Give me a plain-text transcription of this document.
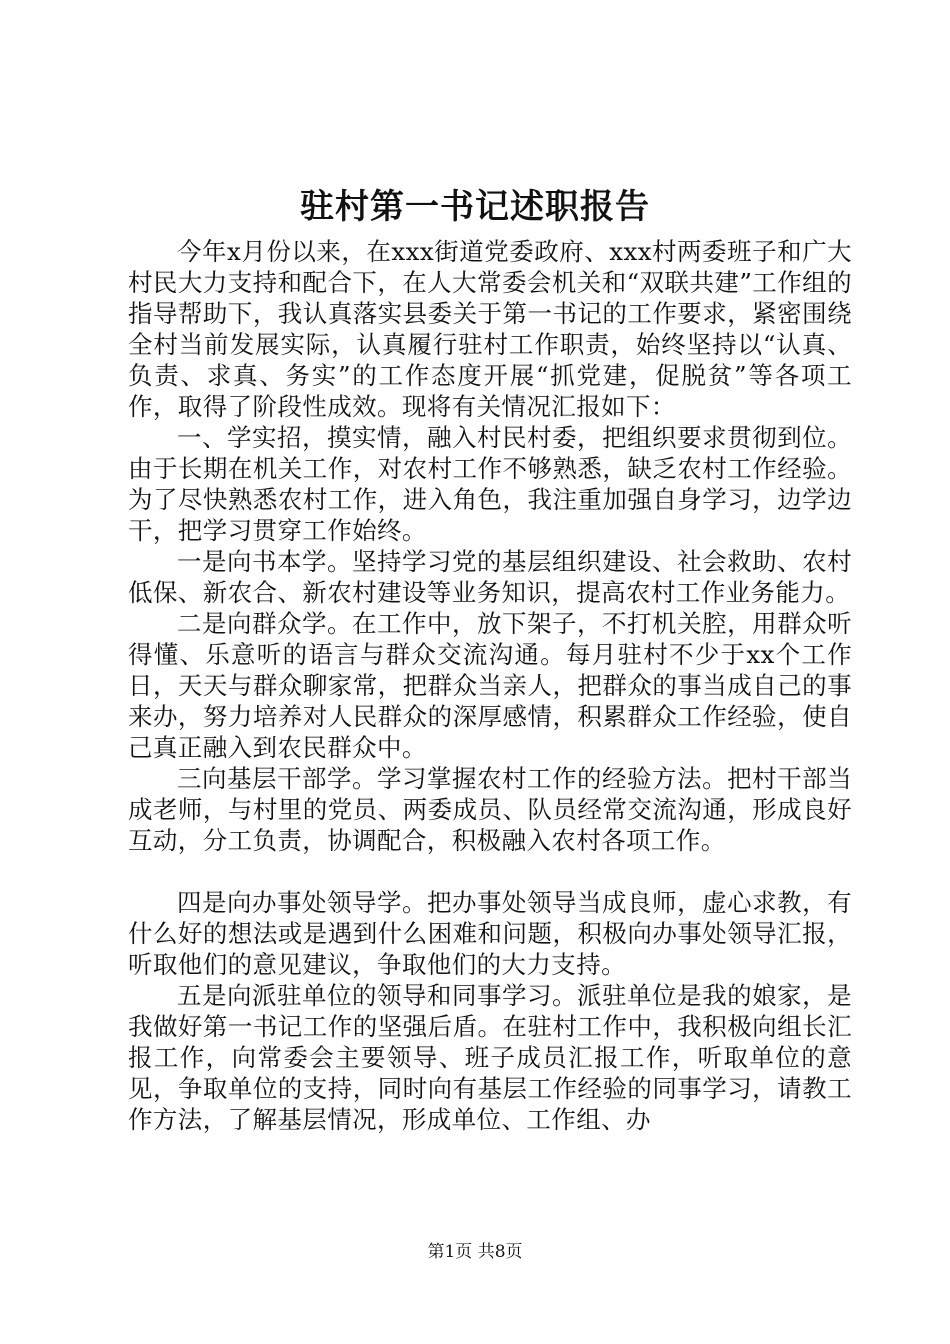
驻村第一书记述职报告

今年x月份以来，在xxx街道党委政府、xxx村两委班子和广大村民大力支持和配合下，在人大常委会机关和“双联共建”工作组的指导帮助下，我认真落实县委关于第一书记的工作要求，紧密围绕全村当前发展实际，认真履行驻村工作职责，始终坚持以“认真、负责、求真、务实”的工作态度开展“抓党建，促脱贫”等各项工作，取得了阶段性成效。现将有关情况汇报如下：

一、学实招，摸实情，融入村民村委，把组织要求贯彻到位。由于长期在机关工作，对农村工作不够熟悉，缺乏农村工作经验。为了尽快熟悉农村工作，进入角色，我注重加强自身学习，边学边干，把学习贯穿工作始终。

一是向书本学。坚持学习党的基层组织建设、社会救助、农村低保、新农合、新农村建设等业务知识，提高农村工作业务能力。

二是向群众学。在工作中，放下架子，不打机关腔，用群众听得懂、乐意听的语言与群众交流沟通。每月驻村不少于xx个工作日，天天与群众聊家常，把群众当亲人，把群众的事当成自己的事来办，努力培养对人民群众的深厚感情，积累群众工作经验，使自己真正融入到农民群众中。

三向基层干部学。学习掌握农村工作的经验方法。把村干部当成老师，与村里的党员、两委成员、队员经常交流沟通，形成良好互动，分工负责，协调配合，积极融入农村各项工作。

四是向办事处领导学。把办事处领导当成良师，虚心求教，有什么好的想法或是遇到什么困难和问题，积极向办事处领导汇报，听取他们的意见建议，争取他们的大力支持。

五是向派驻单位的领导和同事学习。派驻单位是我的娘家，是我做好第一书记工作的坚强后盾。在驻村工作中，我积极向组长汇报工作，向常委会主要领导、班子成员汇报工作，听取单位的意见，争取单位的支持，同时向有基层工作经验的同事学习，请教工作方法，了解基层情况，形成单位、工作组、办

第1页 共8页
